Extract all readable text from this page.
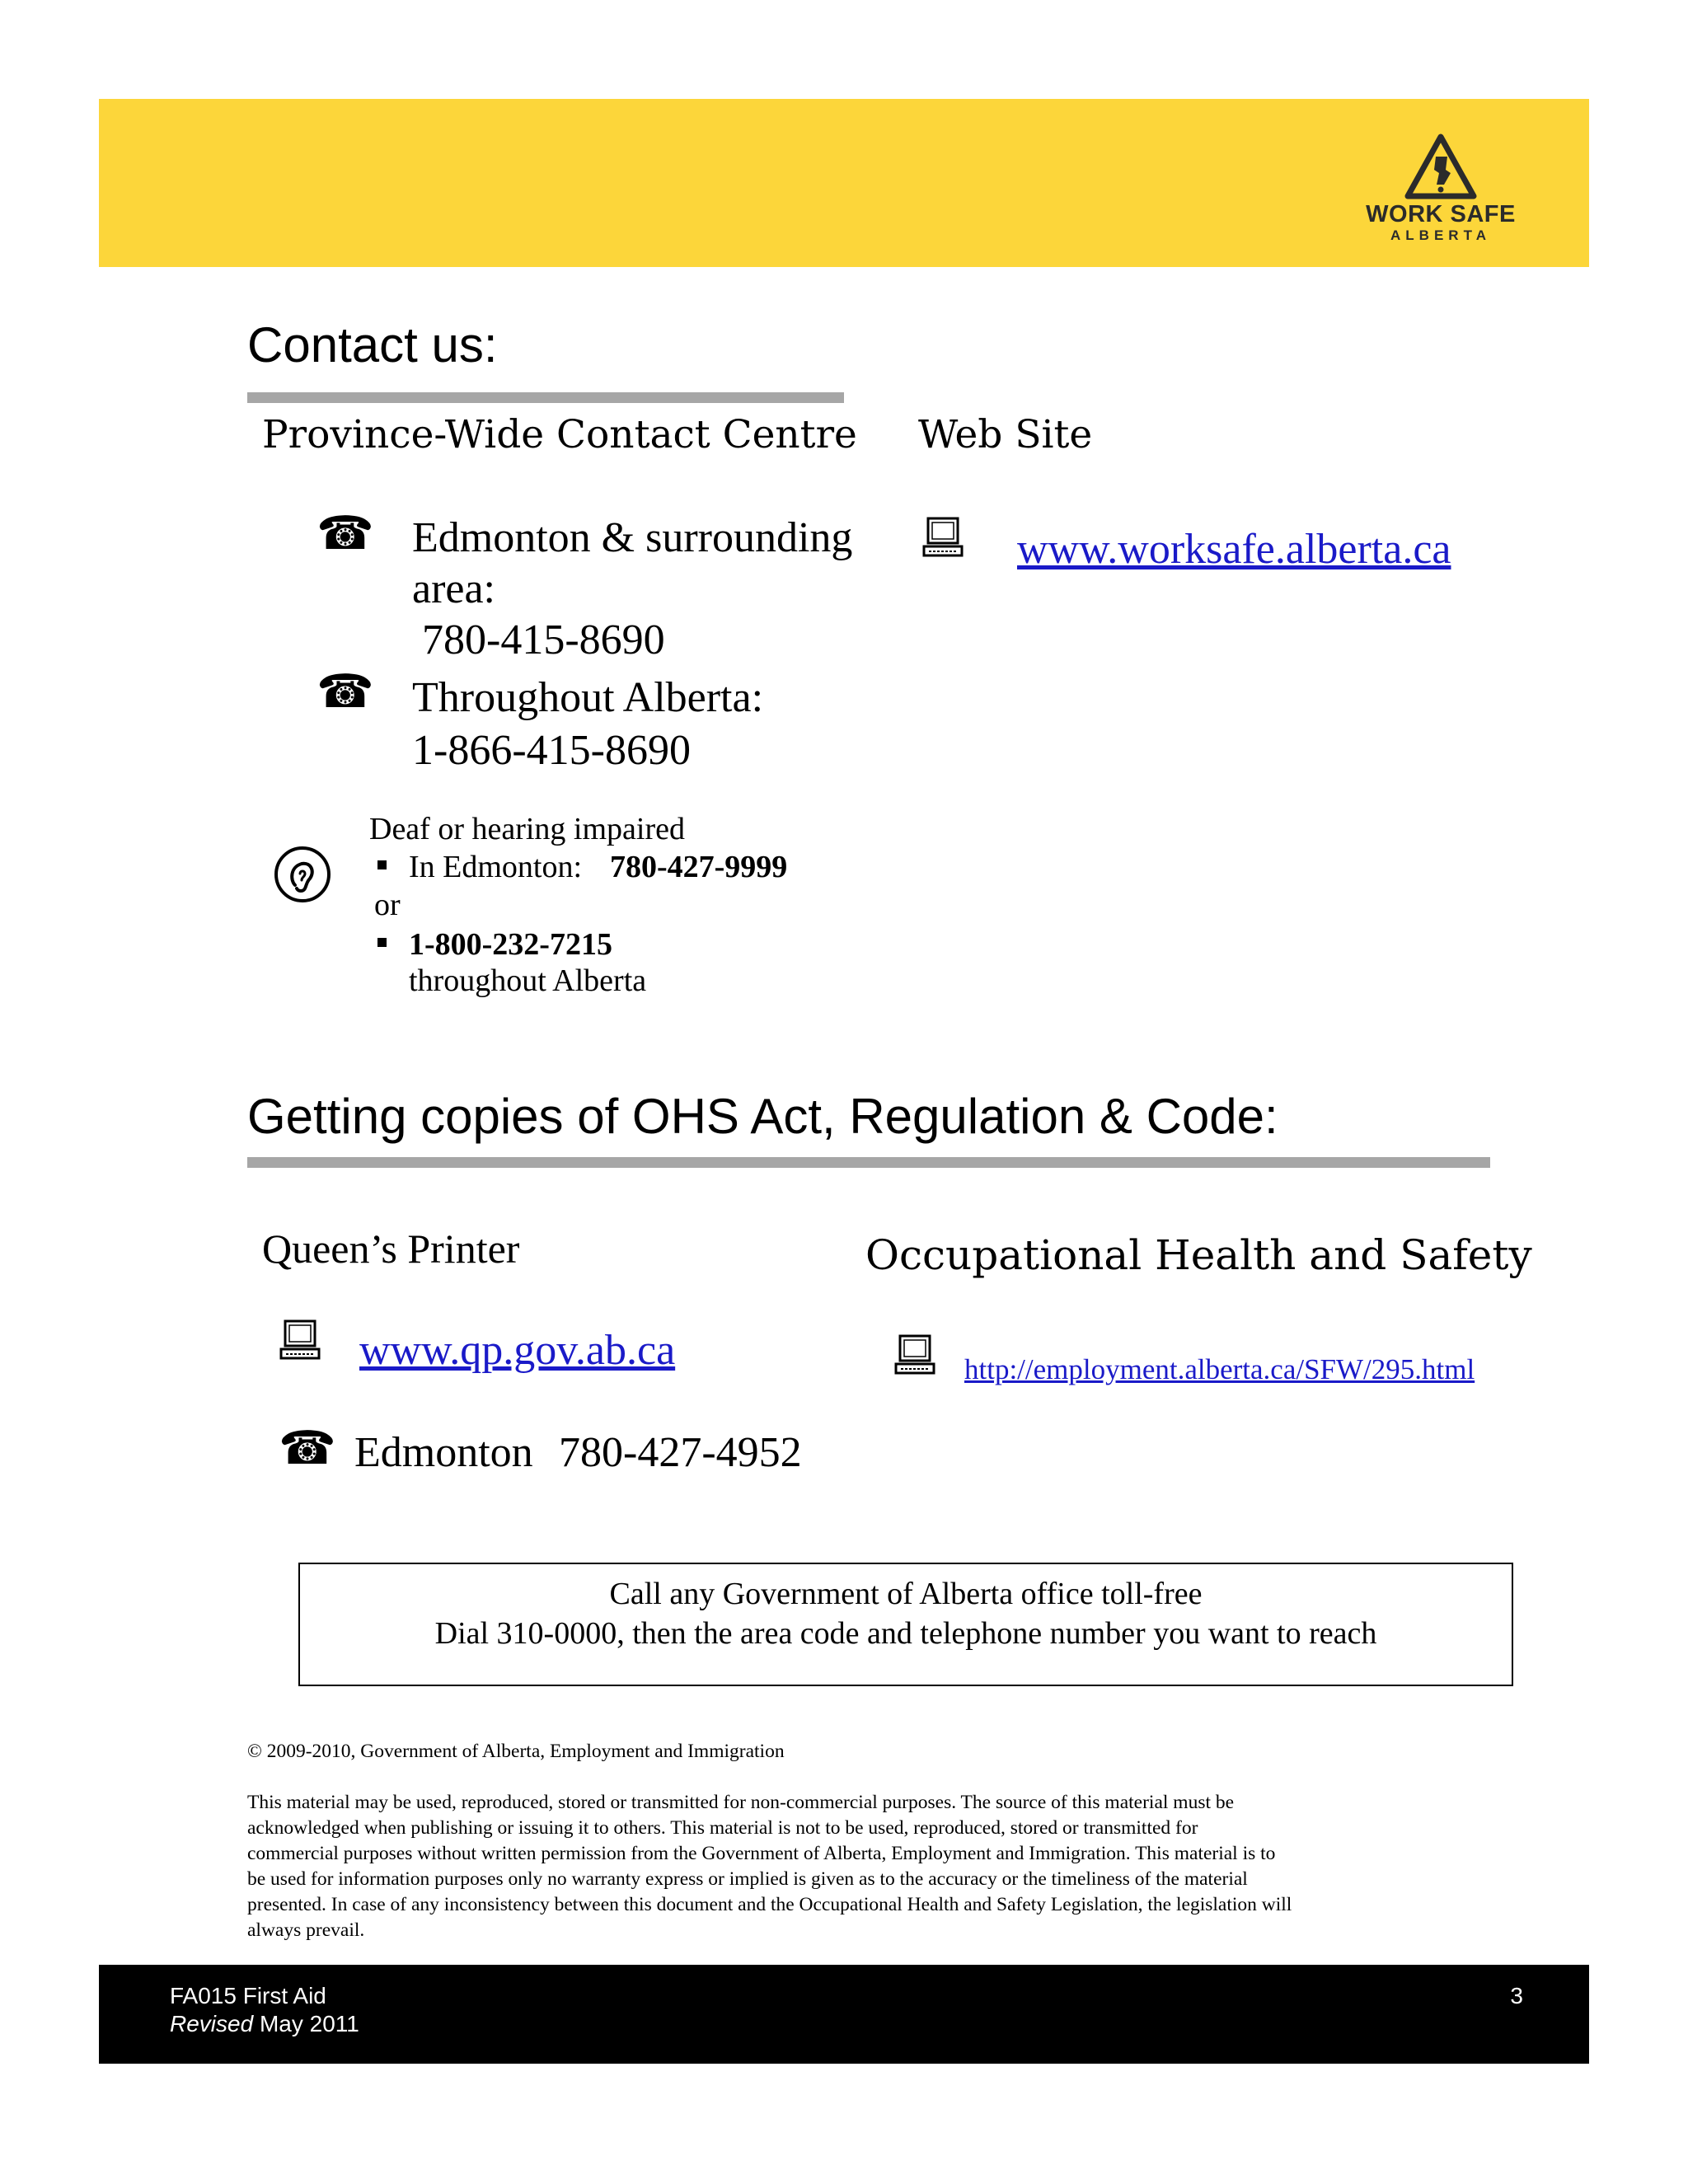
WORK SAFE
ALBERTA
Contact us:
Province-Wide Contact Centre Web Site
☎ Edmonton & surrounding
area:
780-415-8690
☎ Throughout Alberta:
1-866-415-8690
www.worksafe.alberta.ca
Deaf or hearing impaired
In Edmonton: 780-427-9999
or
1-800-232-7215
throughout Alberta
Getting copies of OHS Act, Regulation & Code:
Queen’s Printer	Occupational Health and Safety
www.qp.gov.ab.ca	http://employment.alberta.ca/SFW/295.html
☎ Edmonton 780-427-4952
Call any Government of Alberta office toll-free
Dial 310-0000, then the area code and telephone number you want to reach
© 2009-2010, Government of Alberta, Employment and Immigration
This material may be used, reproduced, stored or transmitted for non-commercial purposes. The source of this material must be
acknowledged when publishing or issuing it to others. This material is not to be used, reproduced, stored or transmitted for
commercial purposes without written permission from the Government of Alberta, Employment and Immigration. This material is to
be used for information purposes only no warranty express or implied is given as to the accuracy or the timeliness of the material
presented. In case of any inconsistency between this document and the Occupational Health and Safety Legislation, the legislation will
always prevail.
FA015 First Aid
Revised May 2011
3
